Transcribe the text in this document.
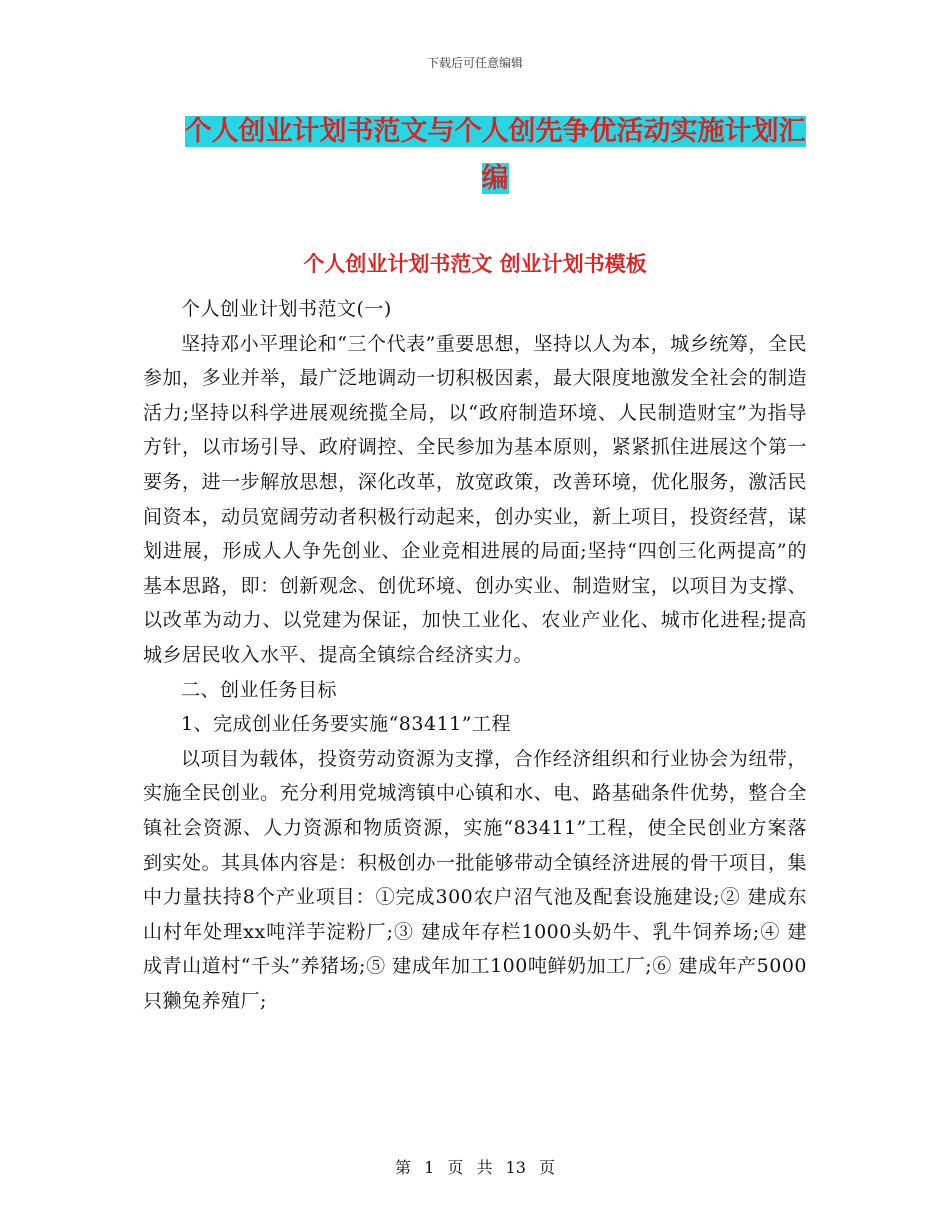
下载后可任意编辑
个人创业计划书范文与个人创先争优活动实施计划汇编
个人创业计划书范文 创业计划书模板

个人创业计划书范文(一)

坚持邓小平理论和“三个代表”重要思想，坚持以人为本，城乡统筹，全民参加，多业并举，最广泛地调动一切积极因素，最大限度地激发全社会的制造活力;坚持以科学进展观统揽全局，以“政府制造环境、人民制造财宝”为指导方针，以市场引导、政府调控、全民参加为基本原则，紧紧抓住进展这个第一要务，进一步解放思想，深化改革，放宽政策，改善环境，优化服务，激活民间资本，动员宽阔劳动者积极行动起来，创办实业，新上项目，投资经营，谋划进展，形成人人争先创业、企业竞相进展的局面;坚持“四创三化两提高”的基本思路，即：创新观念、创优环境、创办实业、制造财宝，以项目为支撑、以改革为动力、以党建为保证，加快工业化、农业产业化、城市化进程;提高城乡居民收入水平、提高全镇综合经济实力。

二、创业任务目标

1、完成创业任务要实施“83411”工程

以项目为载体，投资劳动资源为支撑，合作经济组织和行业协会为纽带，实施全民创业。充分利用党城湾镇中心镇和水、电、路基础条件优势，整合全镇社会资源、人力资源和物质资源，实施“83411”工程，使全民创业方案落到实处。其具体内容是：积极创办一批能够带动全镇经济进展的骨干项目，集中力量扶持8个产业项目：①完成300农户沼气池及配套设施建设;② 建成东山村年处理xx吨洋芋淀粉厂;③ 建成年存栏1000头奶牛、乳牛饲养场;④ 建成青山道村“千头”养猪场;⑤ 建成年加工100吨鲜奶加工厂;⑥ 建成年产5000只獭兔养殖厂;

第 1 页 共 13 页
